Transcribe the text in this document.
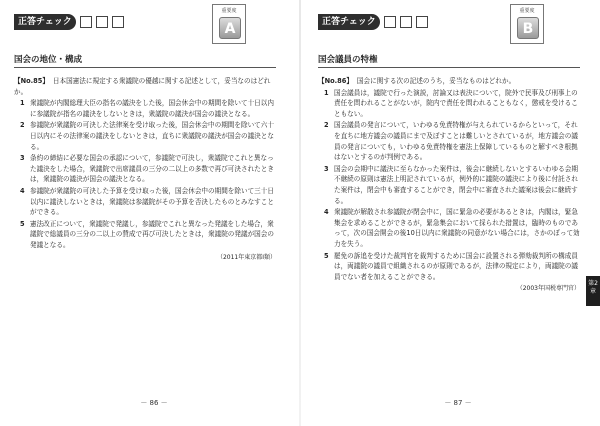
正答チェック
重要度
A
国会の地位・構成
【No.85】 日本国憲法に規定する衆議院の優越に関する記述として，妥当なのはどれか。
1 衆議院が内閣総理大臣の指名の議決をした後，国会休会中の期間を除いて十日以内に参議院が指名の議決をしないときは，衆議院の議決が国会の議決となる。
2 参議院が衆議院の可決した法律案を受け取った後，国会休会中の期間を除いて六十日以内にその法律案の議決をしないときは，直ちに衆議院の議決が国会の議決となる。
3 条約の締結に必要な国会の承認について，参議院で可決し，衆議院でこれと異なった議決をした場合，衆議院で出席議員の三分の二以上の多数で再び可決されたときは，衆議院の議決が国会の議決となる。
4 参議院が衆議院の可決した予算を受け取った後，国会休会中の期間を除いて三十日以内に議決しないときは，衆議院は参議院がその予算を否決したものとみなすことができる。
5 憲法改正について，衆議院で発議し，参議院でこれと異なった発議をした場合，衆議院で総議員の三分の二以上の賛成で再び可決したときは，衆議院の発議が国会の発議となる。
（2011年東京都Ⅰ類）
－ 86 －
正答チェック
重要度
B
国会議員の特権
【No.86】 国会に関する次の記述のうち，妥当なものはどれか。
1 国会議員は，議院で行った演説，討論又は表決について，院外で民事及び刑事上の責任を問われることがないが，院内で責任を問われることもなく，懲戒を受けることもない。
2 国会議員の発言について，いわゆる免責特権が与えられているからといって，それを直ちに地方議会の議員にまで及ぼすことは難しいとされているが，地方議会の議員の発言についても，いわゆる免責特権を憲法上保障しているものと解すべき根拠はないとするのが判例である。
3 国会の会期中に議決に至らなかった案件は，後会に継続しないとするいわゆる会期不継続の原則は憲法上明記されているが，例外的に議院の議決により後に付託された案件は，閉会中も審査することができ，閉会中に審査された議案は後会に継続する。
4 衆議院が解散され参議院が閉会中に，国に緊急の必要があるときは，内閣は，緊急集会を求めることができるが，緊急集会において採られた措置は，臨時のものであって，次の国会開会の後10日以内に衆議院の同意がない場合には，さかのぼって効力を失う。
5 罷免の訴追を受けた裁判官を裁判するために国会に設置される弾劾裁判所の構成員は，両議院の議員で組織されるのが原則であるが，法律の規定により，両議院の議員でない者を加えることができる。
（2003年国税専門官）
－ 87 －
第2章
